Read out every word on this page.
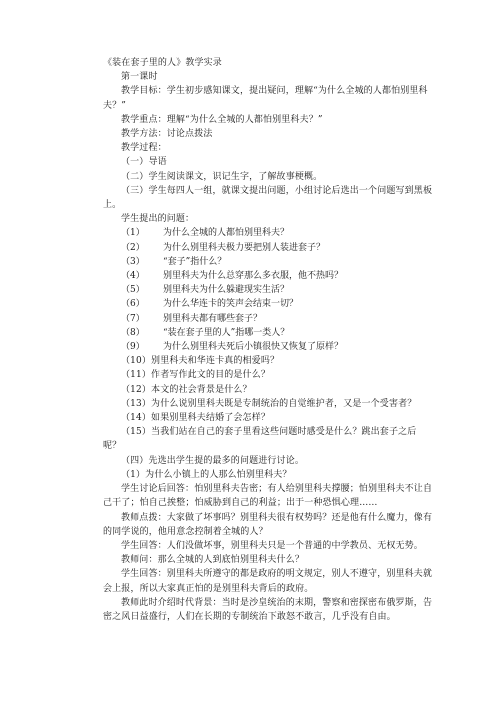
《装在套子里的人》教学实录
第一课时
教学目标：学生初步感知课文，提出疑问，理解“为什么全城的人都怕别里科夫？”
教学重点：理解“为什么全城的人都怕别里科夫？”
教学方法：讨论点拨法
教学过程：
（一）导语
（二）学生阅读课文，识记生字，了解故事梗概。
（三）学生每四人一组，就课文提出问题，小组讨论后选出一个问题写到黑板上。
学生提出的问题：
（1）	为什么全城的人都怕别里科夫？
（2）	为什么别里科夫极力要把别人装进套子？
（3）	“套子”指什么？
（4）	别里科夫为什么总穿那么多衣服，他不热吗？
（5）	别里科夫为什么躲避现实生活？
（6）	为什么华连卡的笑声会结束一切？
（7）	别里科夫都有哪些套子？
（8）	“装在套子里的人”指哪一类人？
（9）	为什么别里科夫死后小镇很快又恢复了原样？
（10）别里科夫和华连卡真的相爱吗？
（11）作者写作此文的目的是什么？
（12）本文的社会背景是什么？
（13）为什么说别里科夫既是专制统治的自觉维护者，又是一个受害者？
（14）如果别里科夫结婚了会怎样？
（15）当我们站在自己的套子里看这些问题时感受是什么？跳出套子之后呢？
（四）先选出学生提的最多的问题进行讨论。
（1）为什么小镇上的人那么怕别里科夫？
学生讨论后回答：怕别里科夫告密；有人给别里科夫撑腰；怕别里科夫不让自己干了；怕自己挨整；怕威胁到自己的利益；出于一种恐惧心理……
教师点拨：大家做了坏事吗？别里科夫很有权势吗？还是他有什么魔力，像有的同学说的，他用意念控制着全城的人？
学生回答：人们没做坏事，别里科夫只是一个普通的中学教员、无权无势。
教师问：那么全城的人到底怕别里科夫什么？
学生回答：别里科夫所遵守的都是政府的明文规定，别人不遵守，别里科夫就会上报，所以大家真正怕的是别里科夫背后的政府。
教师此时介绍时代背景：当时是沙皇统治的末期，警察和密探密布俄罗斯，告密之风日益盛行，人们在长期的专制统治下敢怒不敢言，几乎没有自由。
